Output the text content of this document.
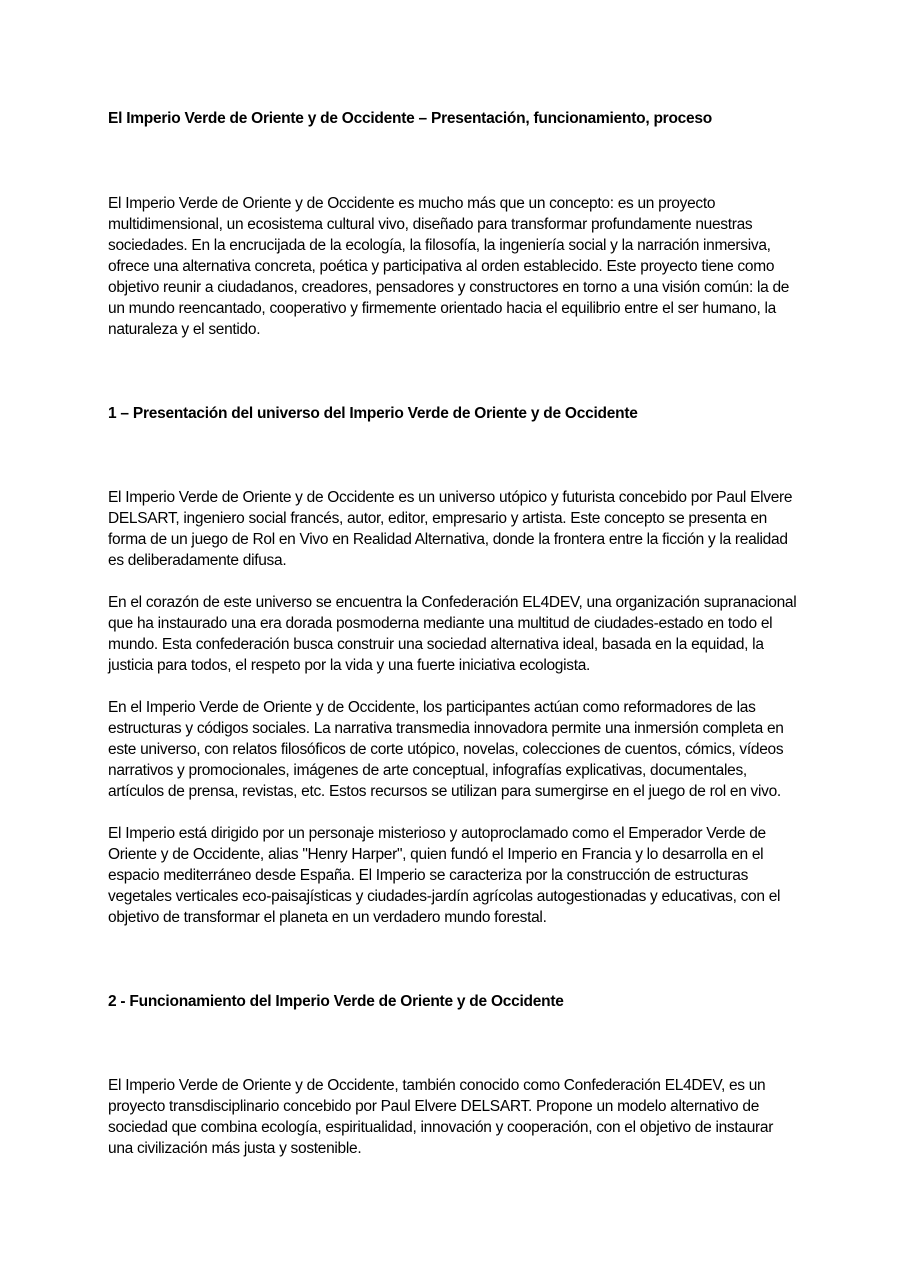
El Imperio Verde de Oriente y de Occidente – Presentación, funcionamiento, proceso

El Imperio Verde de Oriente y de Occidente es mucho más que un concepto: es un proyecto multidimensional, un ecosistema cultural vivo, diseñado para transformar profundamente nuestras sociedades. En la encrucijada de la ecología, la filosofía, la ingeniería social y la narración inmersiva, ofrece una alternativa concreta, poética y participativa al orden establecido. Este proyecto tiene como objetivo reunir a ciudadanos, creadores, pensadores y constructores en torno a una visión común: la de un mundo reencantado, cooperativo y firmemente orientado hacia el equilibrio entre el ser humano, la naturaleza y el sentido.

1 – Presentación del universo del Imperio Verde de Oriente y de Occidente

El Imperio Verde de Oriente y de Occidente es un universo utópico y futurista concebido por Paul Elvere DELSART, ingeniero social francés, autor, editor, empresario y artista. Este concepto se presenta en forma de un juego de Rol en Vivo en Realidad Alternativa, donde la frontera entre la ficción y la realidad es deliberadamente difusa.

En el corazón de este universo se encuentra la Confederación EL4DEV, una organización supranacional que ha instaurado una era dorada posmoderna mediante una multitud de ciudades-estado en todo el mundo. Esta confederación busca construir una sociedad alternativa ideal, basada en la equidad, la justicia para todos, el respeto por la vida y una fuerte iniciativa ecologista.

En el Imperio Verde de Oriente y de Occidente, los participantes actúan como reformadores de las estructuras y códigos sociales. La narrativa transmedia innovadora permite una inmersión completa en este universo, con relatos filosóficos de corte utópico, novelas, colecciones de cuentos, cómics, vídeos narrativos y promocionales, imágenes de arte conceptual, infografías explicativas, documentales, artículos de prensa, revistas, etc. Estos recursos se utilizan para sumergirse en el juego de rol en vivo.

El Imperio está dirigido por un personaje misterioso y autoproclamado como el Emperador Verde de Oriente y de Occidente, alias "Henry Harper", quien fundó el Imperio en Francia y lo desarrolla en el espacio mediterráneo desde España. El Imperio se caracteriza por la construcción de estructuras vegetales verticales eco-paisajísticas y ciudades-jardín agrícolas autogestionadas y educativas, con el objetivo de transformar el planeta en un verdadero mundo forestal.

2 - Funcionamiento del Imperio Verde de Oriente y de Occidente

El Imperio Verde de Oriente y de Occidente, también conocido como Confederación EL4DEV, es un proyecto transdisciplinario concebido por Paul Elvere DELSART. Propone un modelo alternativo de sociedad que combina ecología, espiritualidad, innovación y cooperación, con el objetivo de instaurar una civilización más justa y sostenible.
